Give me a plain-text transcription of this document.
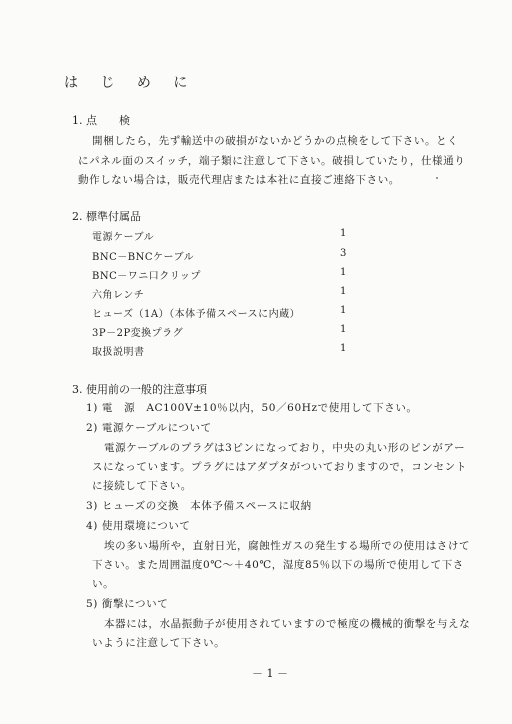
は じ め に
1. 点　　検
開梱したら，先ず輸送中の破損がないかどうかの点検をして下さい。とく
にパネル面のスイッチ，端子類に注意して下さい。破損していたり，仕様通り
動作しない場合は，販売代理店または本社に直接ご連絡下さい。
2. 標準付属品
電源ケーブル	1
BNC－BNCケーブル	3
BNC－ワニ口クリップ	1
六角レンチ	1
ヒューズ（1A）（本体予備スペースに内蔵）	1
3P－2P変換プラグ	1
取扱説明書	1
3. 使用前の一般的注意事項
1) 電　源　AC100V±10％以内，50／60Hzで使用して下さい。
2) 電源ケーブルについて
電源ケーブルのプラグは3ピンになっており，中央の丸い形のピンがアー
スになっています。プラグにはアダプタがついておりますので，コンセント
に接続して下さい。
3) ヒューズの交換　本体予備スペースに収納
4) 使用環境について
埃の多い場所や，直射日光，腐蝕性ガスの発生する場所での使用はさけて
下さい。また周囲温度0℃～＋40℃，湿度85％以下の場所で使用して下さ
い。
5) 衝撃について
本器には，水晶振動子が使用されていますので極度の機械的衝撃を与えな
いように注意して下さい。
－ 1 －
